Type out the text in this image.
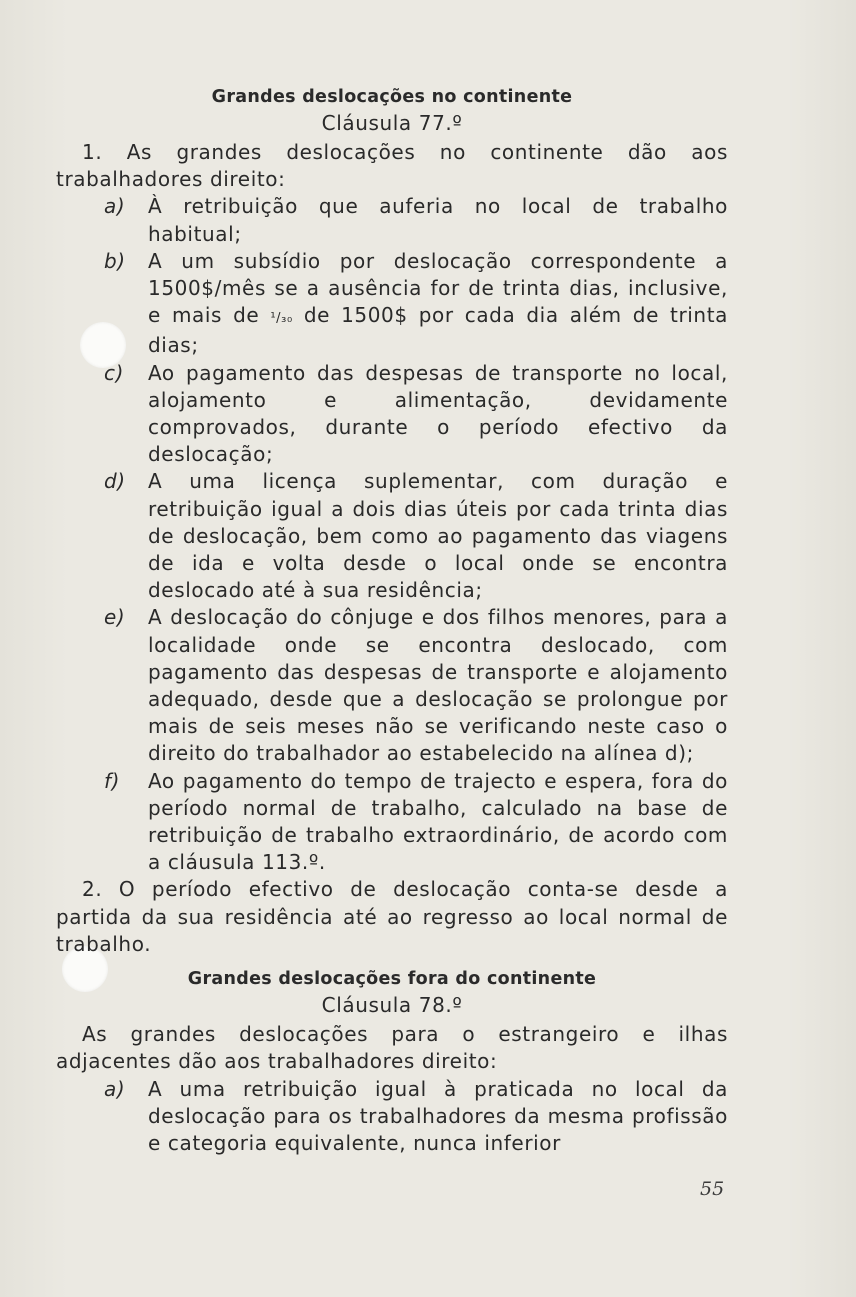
Grandes deslocações no continente

Cláusula 77.º

1. As grandes deslocações no continente dão aos trabalhadores direito:

a) À retribuição que auferia no local de trabalho habitual;
b) A um subsídio por deslocação correspondente a 1500$/mês se a ausência for de trinta dias, inclusive, e mais de ¹/₃₀ de 1500$ por cada dia além de trinta dias;
c) Ao pagamento das despesas de transporte no local, alojamento e alimentação, devidamente comprovados, durante o período efectivo da deslocação;
d) A uma licença suplementar, com duração e retribuição igual a dois dias úteis por cada trinta dias de deslocação, bem como ao pagamento das viagens de ida e volta desde o local onde se encontra deslocado até à sua residência;
e) A deslocação do cônjuge e dos filhos menores, para a localidade onde se encontra deslocado, com pagamento das despesas de transporte e alojamento adequado, desde que a deslocação se prolongue por mais de seis meses não se verificando neste caso o direito do trabalhador ao estabelecido na alínea d);
f) Ao pagamento do tempo de trajecto e espera, fora do período normal de trabalho, calculado na base de retribuição de trabalho extraordinário, de acordo com a cláusula 113.º.

2. O período efectivo de deslocação conta-se desde a partida da sua residência até ao regresso ao local normal de trabalho.

Grandes deslocações fora do continente

Cláusula 78.º

As grandes deslocações para o estrangeiro e ilhas adjacentes dão aos trabalhadores direito:

a) A uma retribuição igual à praticada no local da deslocação para os trabalhadores da mesma profissão e categoria equivalente, nunca inferior
55
